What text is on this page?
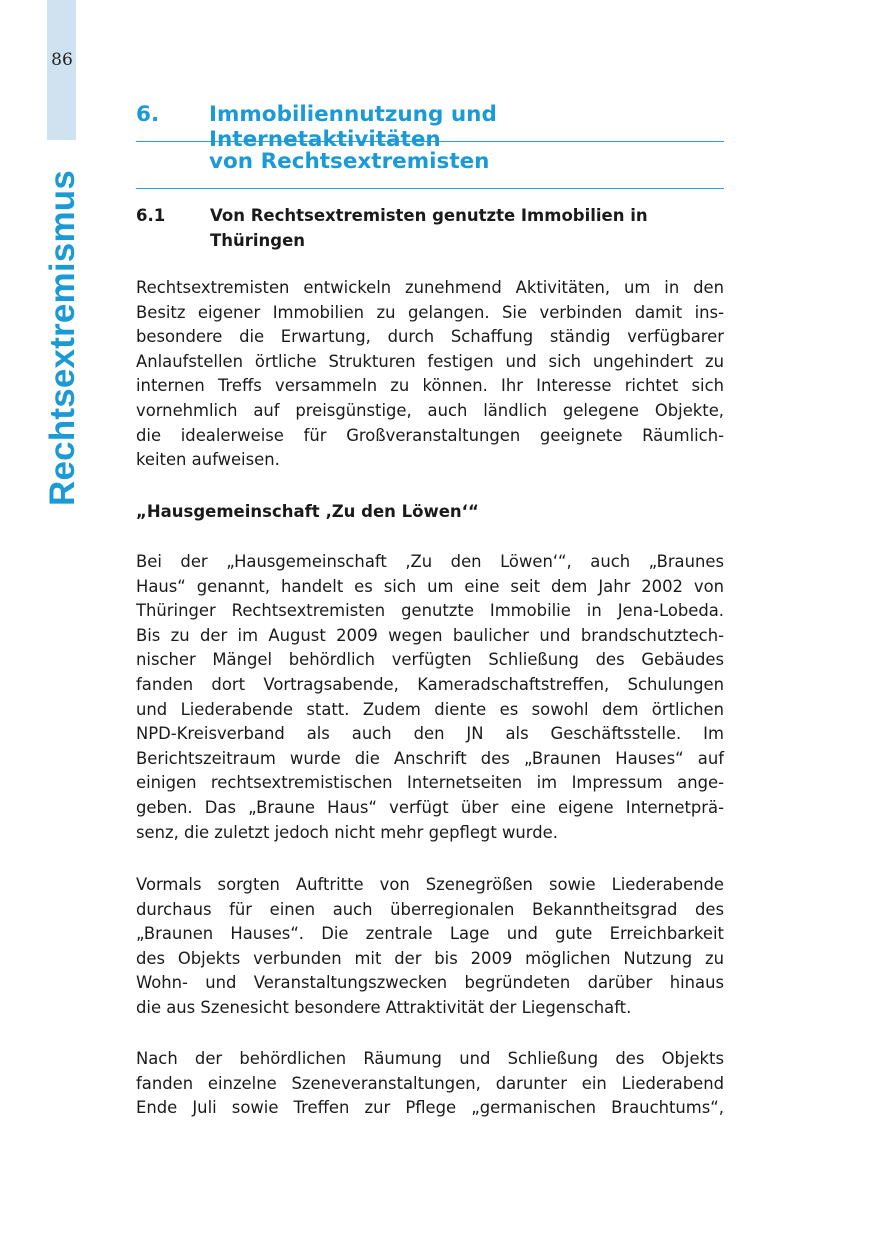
86
Rechtsextremismus
6. Immobiliennutzung und Internetaktivitäten
von Rechtsextremisten
6.1	Von Rechtsextremisten genutzte Immobilien in Thüringen
Rechtsextremisten entwickeln zunehmend Aktivitäten, um in den
Besitz eigener Immobilien zu gelangen. Sie verbinden damit ins-
besondere die Erwartung, durch Schaffung ständig verfügbarer
Anlaufstellen örtliche Strukturen festigen und sich ungehindert zu
internen Treffs versammeln zu können. Ihr Interesse richtet sich
vornehmlich auf preisgünstige, auch ländlich gelegene Objekte,
die idealerweise für Großveranstaltungen geeignete Räumlich-
keiten aufweisen.
„Hausgemeinschaft ‚Zu den Löwen‘“
Bei der „Hausgemeinschaft ‚Zu den Löwen‘“, auch „Braunes
Haus“ genannt, handelt es sich um eine seit dem Jahr 2002 von
Thüringer Rechtsextremisten genutzte Immobilie in Jena-Lobeda.
Bis zu der im August 2009 wegen baulicher und brandschutztech-
nischer Mängel behördlich verfügten Schließung des Gebäudes
fanden dort Vortragsabende, Kameradschaftstreffen, Schulungen
und Liederabende statt. Zudem diente es sowohl dem örtlichen
NPD-Kreisverband als auch den JN als Geschäftsstelle. Im
Berichtszeitraum wurde die Anschrift des „Braunen Hauses“ auf
einigen rechtsextremistischen Internetseiten im Impressum ange-
geben. Das „Braune Haus“ verfügt über eine eigene Internetprä-
senz, die zuletzt jedoch nicht mehr gepflegt wurde.
Vormals sorgten Auftritte von Szenegrößen sowie Liederabende
durchaus für einen auch überregionalen Bekanntheitsgrad des
„Braunen Hauses“. Die zentrale Lage und gute Erreichbarkeit
des Objekts verbunden mit der bis 2009 möglichen Nutzung zu
Wohn- und Veranstaltungszwecken begründeten darüber hinaus
die aus Szenesicht besondere Attraktivität der Liegenschaft.
Nach der behördlichen Räumung und Schließung des Objekts
fanden einzelne Szeneveranstaltungen, darunter ein Liederabend
Ende Juli sowie Treffen zur Pflege „germanischen Brauchtums“,
